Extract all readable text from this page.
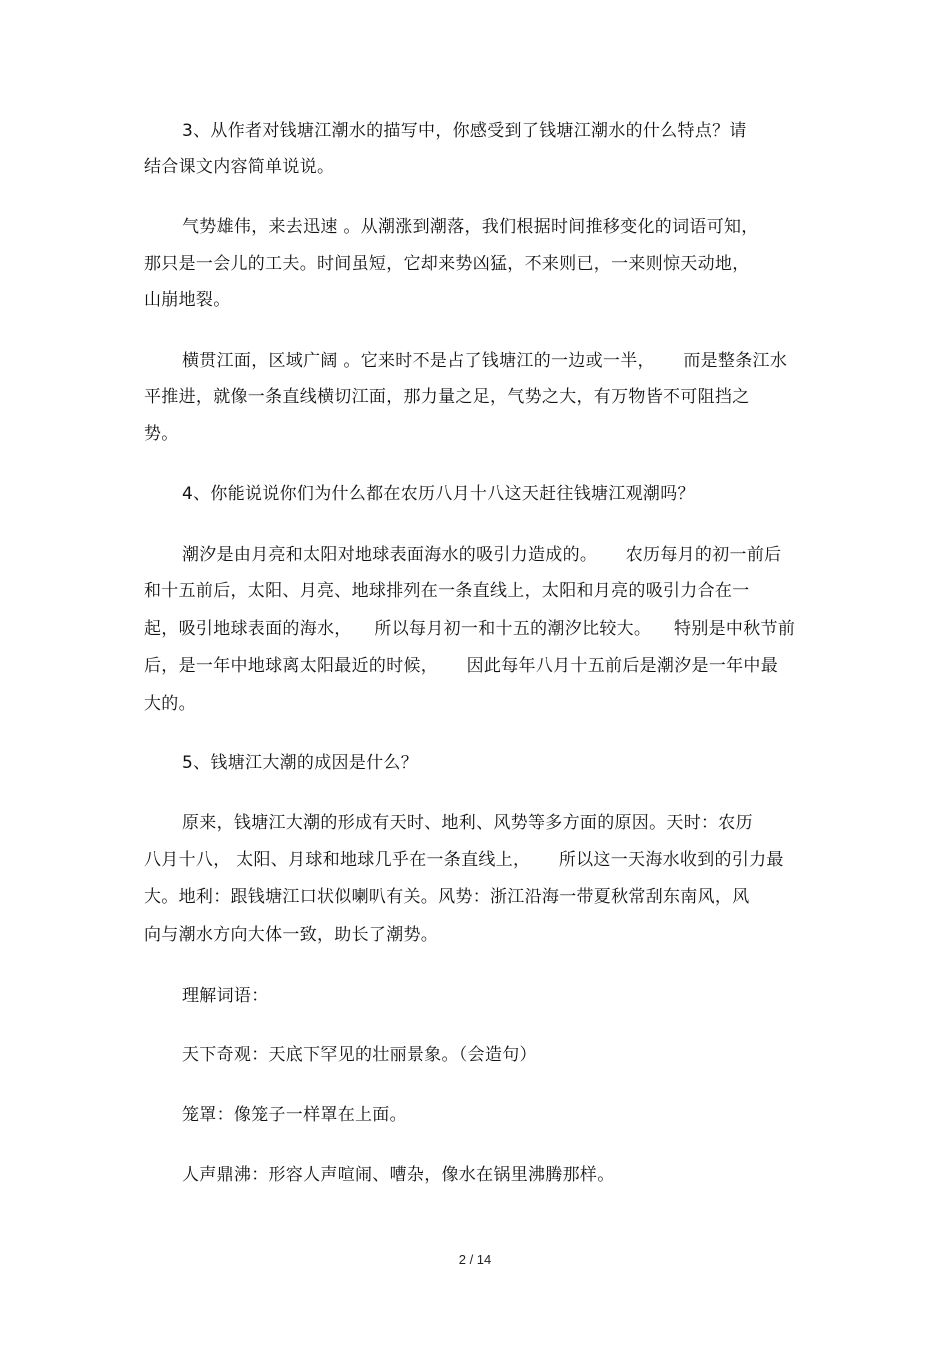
3、从作者对钱塘江潮水的描写中，你感受到了钱塘江潮水的什么特点？请
结合课文内容简单说说。
气势雄伟，来去迅速 。从潮涨到潮落，我们根据时间推移变化的词语可知，
那只是一会儿的工夫。时间虽短，它却来势凶猛，不来则已，一来则惊天动地，
山崩地裂。
横贯江面，区域广阔 。它来时不是占了钱塘江的一边或一半，     而是整条江水
平推进，就像一条直线横切江面，那力量之足，气势之大，有万物皆不可阻挡之
势。
4、你能说说你们为什么都在农历八月十八这天赶往钱塘江观潮吗？
潮汐是由月亮和太阳对地球表面海水的吸引力造成的。     农历每月的初一前后
和十五前后，太阳、月亮、地球排列在一条直线上，太阳和月亮的吸引力合在一
起，吸引地球表面的海水，    所以每月初一和十五的潮汐比较大。    特别是中秋节前
后，是一年中地球离太阳最近的时候，     因此每年八月十五前后是潮汐是一年中最
大的。
5、钱塘江大潮的成因是什么？
原来，钱塘江大潮的形成有天时、地利、风势等多方面的原因。天时：农历
八月十八， 太阳、月球和地球几乎在一条直线上，     所以这一天海水收到的引力最
大。地利：跟钱塘江口状似喇叭有关。风势：浙江沿海一带夏秋常刮东南风，风
向与潮水方向大体一致，助长了潮势。
理解词语：
天下奇观：天底下罕见的壮丽景象。（会造句）
笼罩：像笼子一样罩在上面。
人声鼎沸：形容人声喧闹、嘈杂，像水在锅里沸腾那样。
2 / 14
